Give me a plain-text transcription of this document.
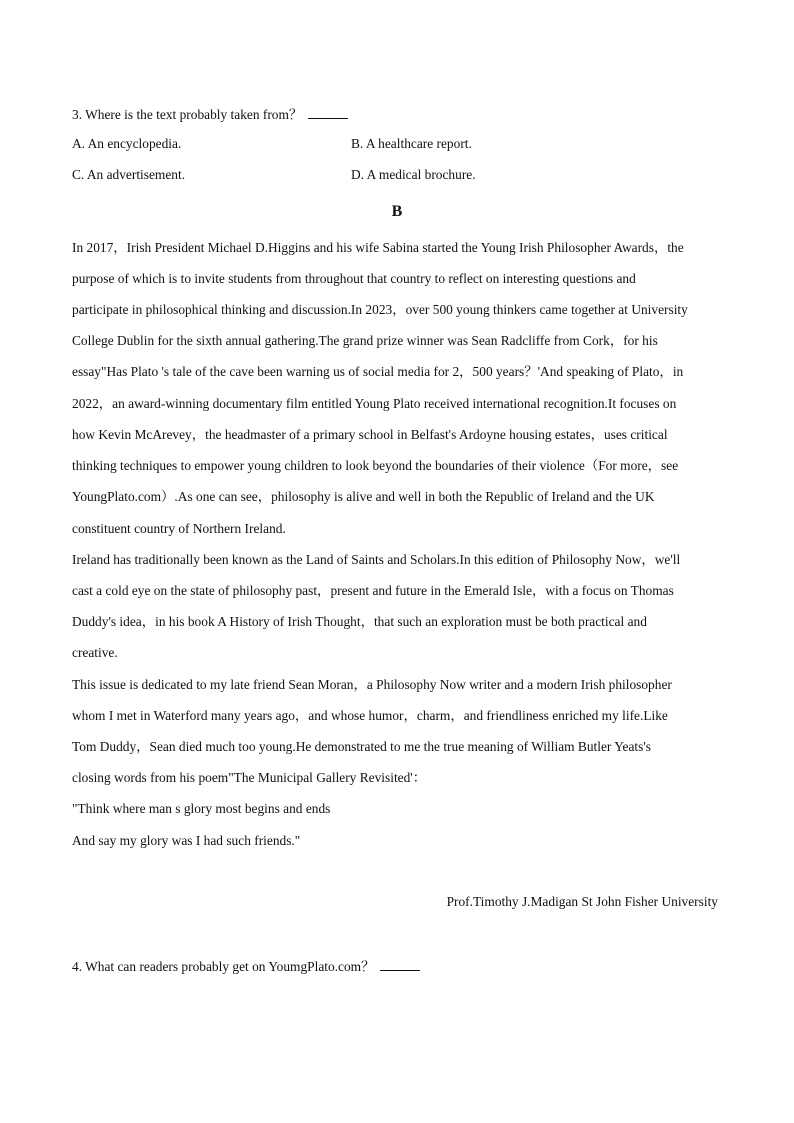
3. Where is the text probably taken from？
A. An encyclopedia.	B. A healthcare report.
C. An advertisement.	D. A medical brochure.
B
In 2017，Irish President Michael D.Higgins and his wife Sabina started the Young Irish Philosopher Awards，the
purpose of which is to invite students from throughout that country to reflect on interesting questions and
participate in philosophical thinking and discussion.In 2023，over 500 young thinkers came together at University
College Dublin for the sixth annual gathering.The grand prize winner was Sean Radcliffe from Cork，for his
essay"Has Plato 's tale of the cave been warning us of social media for 2，500 years？'And speaking of Plato，in
2022，an award-winning documentary film entitled Young Plato received international recognition.It focuses on
how Kevin McArevey，the headmaster of a primary school in Belfast's Ardoyne housing estates，uses critical
thinking techniques to empower young children to look beyond the boundaries of their violence（For more，see
YoungPlato.com）.As one can see，philosophy is alive and well in both the Republic of Ireland and the UK
constituent country of Northern Ireland.
Ireland has traditionally been known as the Land of Saints and Scholars.In this edition of Philosophy Now，we'll
cast a cold eye on the state of philosophy past，present and future in the Emerald Isle，with a focus on Thomas
Duddy's idea，in his book A History of Irish Thought，that such an exploration must be both practical and
creative.
This issue is dedicated to my late friend Sean Moran，a Philosophy Now writer and a modern Irish philosopher
whom I met in Waterford many years ago，and whose humor，charm，and friendliness enriched my life.Like
Tom Duddy，Sean died much too young.He demonstrated to me the true meaning of William Butler Yeats's
closing words from his poem"The Municipal Gallery Revisited'：
"Think where man s glory most begins and ends
And say my glory was I had such friends."
Prof.Timothy J.Madigan St John Fisher University
4. What can readers probably get on YoumgPlato.com？
